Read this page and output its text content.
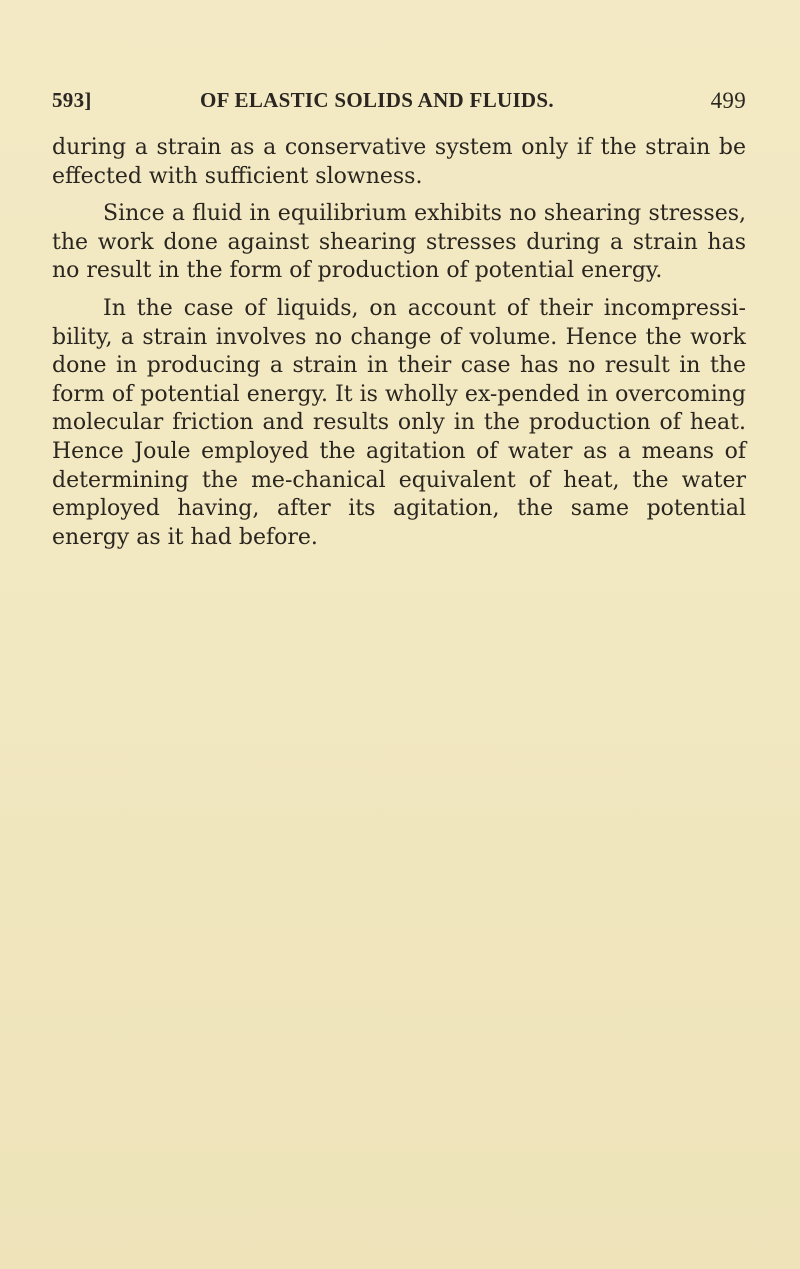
593]	OF ELASTIC SOLIDS AND FLUIDS.	499

during a strain as a conservative system only if the strain be effected with sufficient slowness.

Since a fluid in equilibrium exhibits no shearing stresses, the work done against shearing stresses during a strain has no result in the form of production of potential energy.

In the case of liquids, on account of their incompressi-bility, a strain involves no change of volume. Hence the work done in producing a strain in their case has no result in the form of potential energy. It is wholly ex-pended in overcoming molecular friction and results only in the production of heat. Hence Joule employed the agitation of water as a means of determining the me-chanical equivalent of heat, the water employed having, after its agitation, the same potential energy as it had before.
